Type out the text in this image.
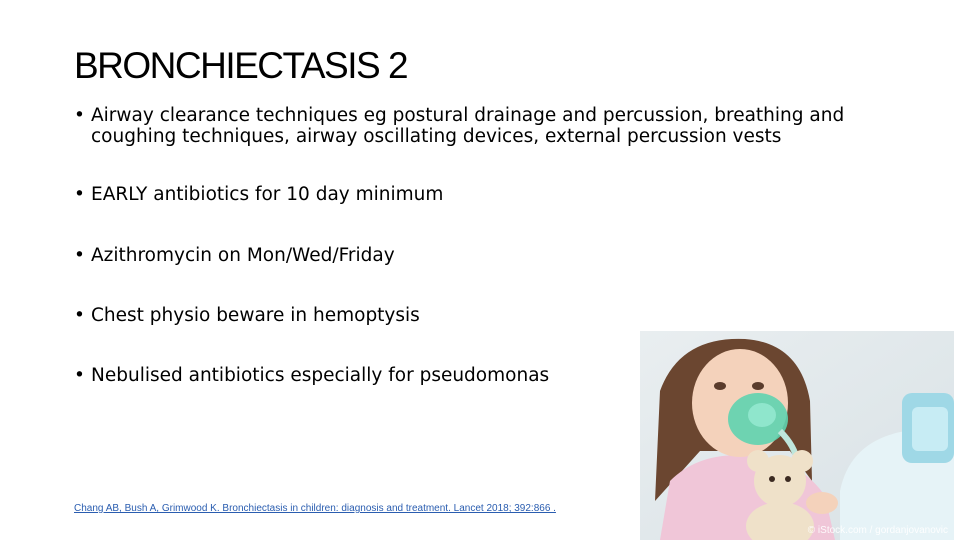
BRONCHIECTASIS 2
• Airway clearance techniques eg postural drainage and percussion, breathing and coughing techniques, airway oscillating devices, external percussion vests
• EARLY antibiotics for 10 day minimum
• Azithromycin on Mon/Wed/Friday
• Chest physio beware in hemoptysis
• Nebulised antibiotics especially for pseudomonas
Chang AB, Bush A, Grimwood K. Bronchiectasis in children: diagnosis and treatment. Lancet 2018; 392:866 .
© iStock.com / gordanjovanovic
